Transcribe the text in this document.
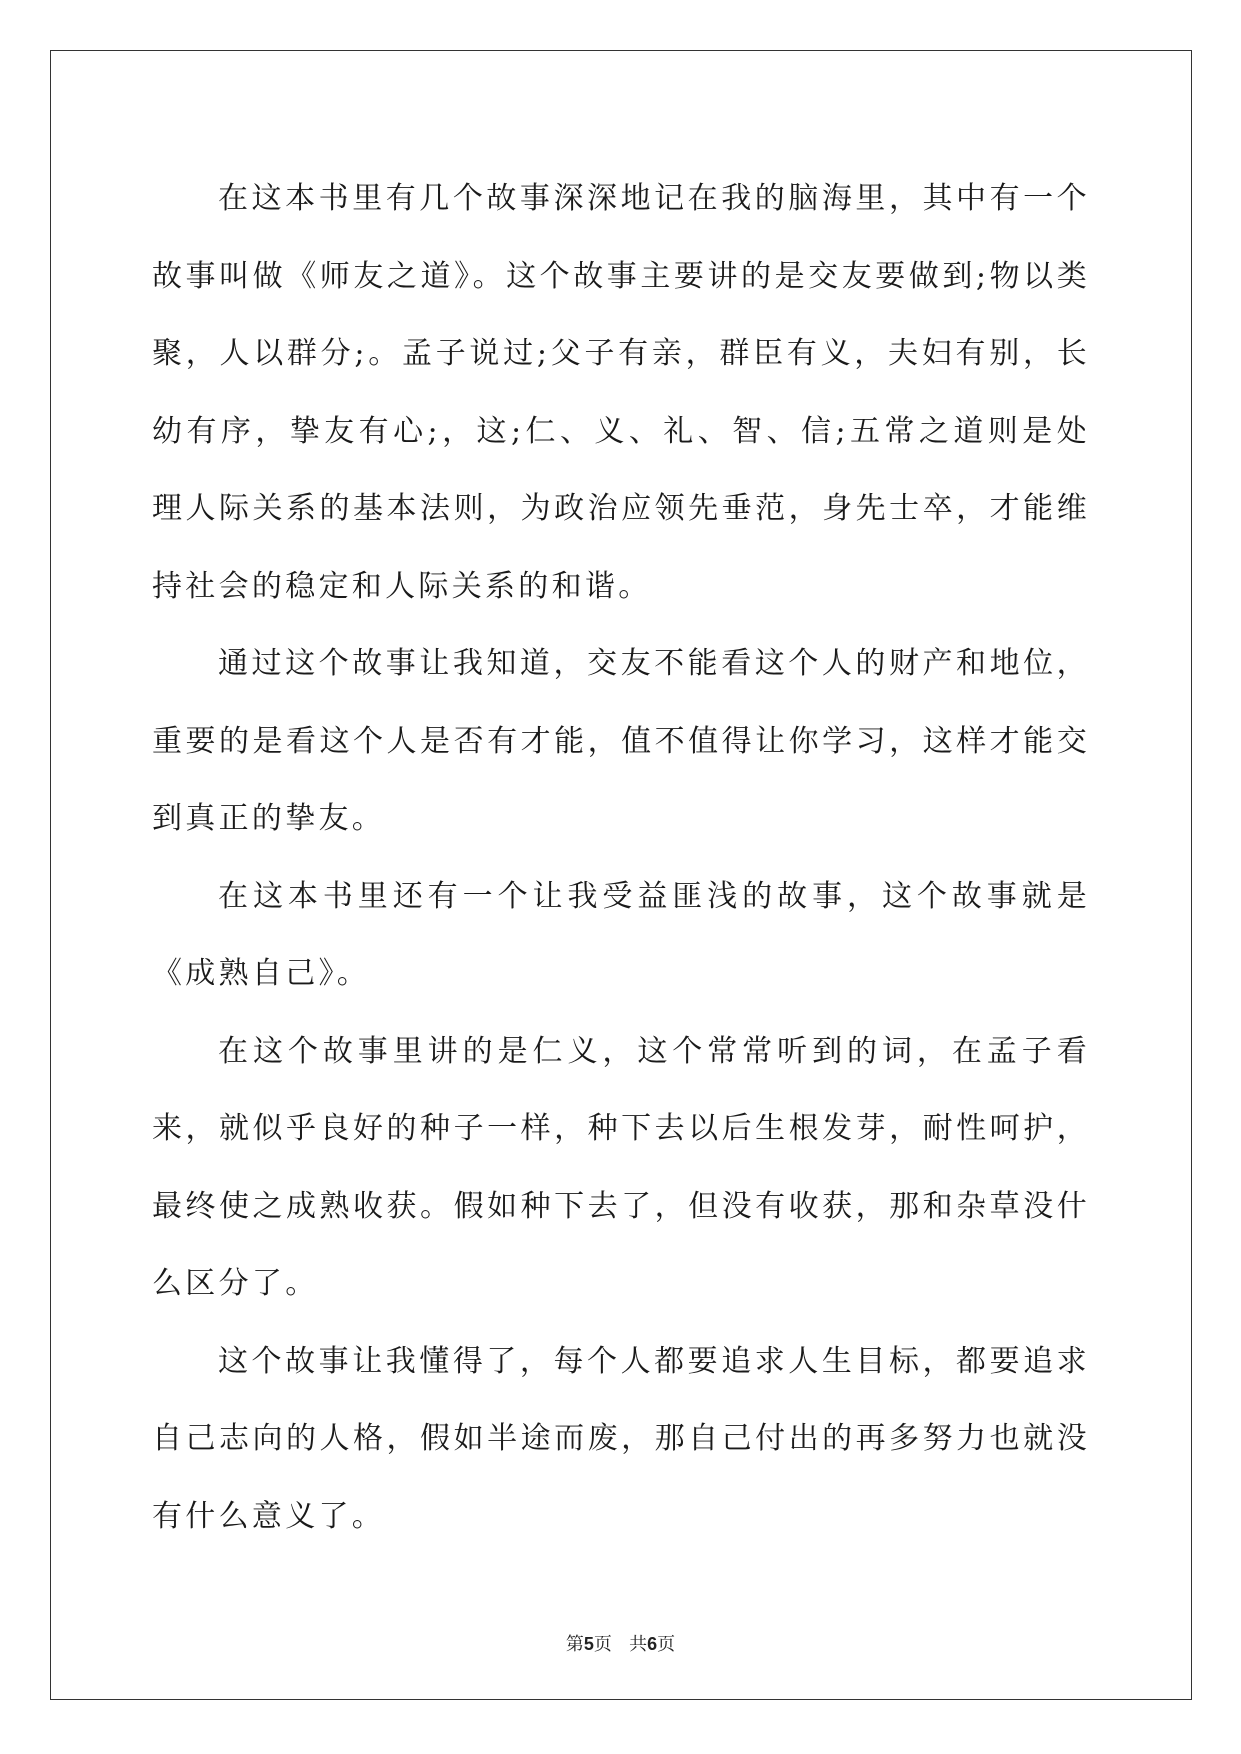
在这本书里有几个故事深深地记在我的脑海里，其中有一个故事叫做《师友之道》。这个故事主要讲的是交友要做到;物以类聚，人以群分;。孟子说过;父子有亲，群臣有义，夫妇有别，长幼有序，挚友有心;，这;仁、义、礼、智、信;五常之道则是处理人际关系的基本法则，为政治应领先垂范，身先士卒，才能维持社会的稳定和人际关系的和谐。

通过这个故事让我知道，交友不能看这个人的财产和地位，重要的是看这个人是否有才能，值不值得让你学习，这样才能交到真正的挚友。

在这本书里还有一个让我受益匪浅的故事，这个故事就是《成熟自己》。

在这个故事里讲的是仁义，这个常常听到的词，在孟子看来，就似乎良好的种子一样，种下去以后生根发芽，耐性呵护，最终使之成熟收获。假如种下去了，但没有收获，那和杂草没什么区分了。

这个故事让我懂得了，每个人都要追求人生目标，都要追求自己志向的人格，假如半途而废，那自己付出的再多努力也就没有什么意义了。

第5页 共6页
